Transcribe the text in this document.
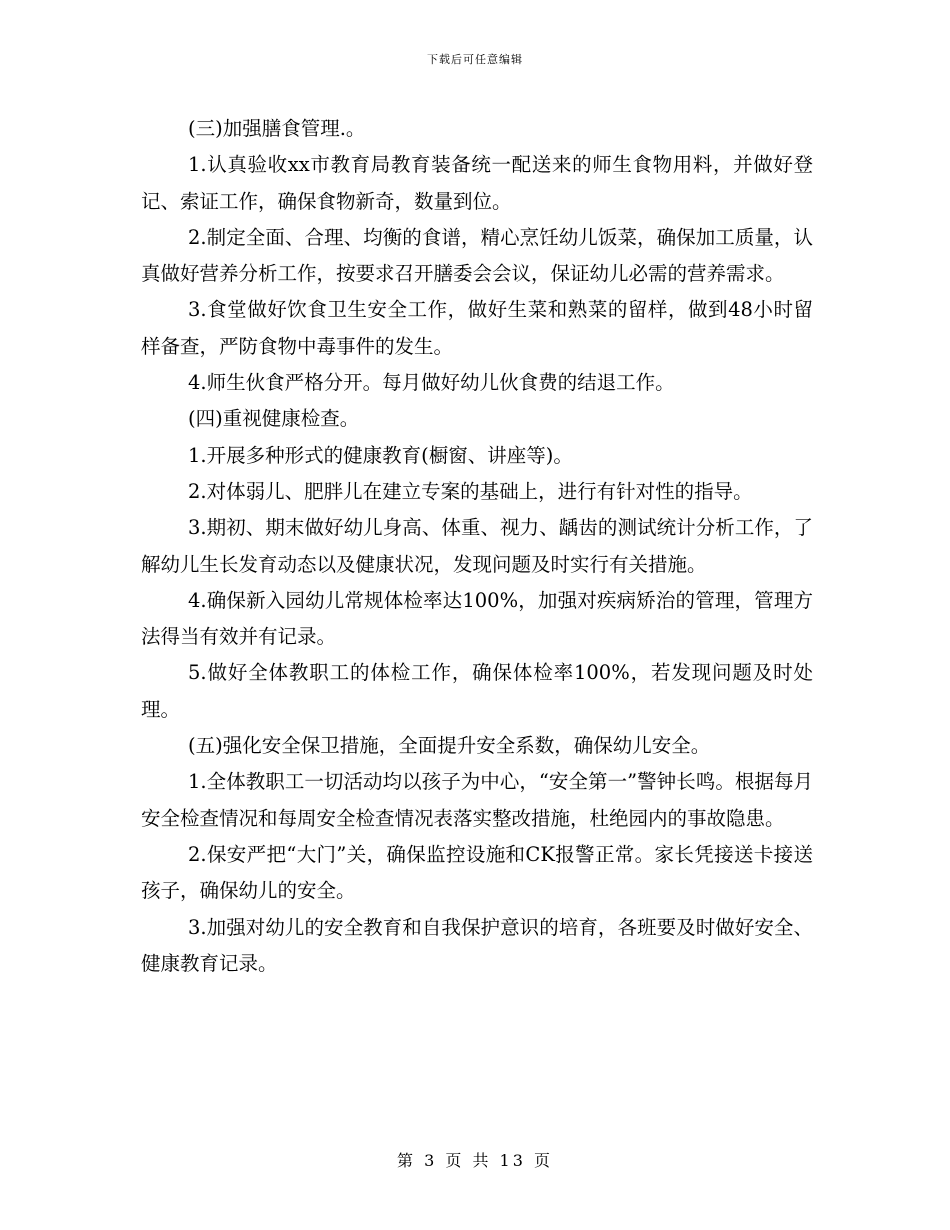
下载后可任意编辑

(三)加强膳食管理.。

1.认真验收xx市教育局教育装备统一配送来的师生食物用料，并做好登记、索证工作，确保食物新奇，数量到位。

2.制定全面、合理、均衡的食谱，精心烹饪幼儿饭菜，确保加工质量，认真做好营养分析工作，按要求召开膳委会会议，保证幼儿必需的营养需求。

3.食堂做好饮食卫生安全工作，做好生菜和熟菜的留样，做到48小时留样备查，严防食物中毒事件的发生。

4.师生伙食严格分开。每月做好幼儿伙食费的结退工作。

(四)重视健康检查。

1.开展多种形式的健康教育(橱窗、讲座等)。

2.对体弱儿、肥胖儿在建立专案的基础上，进行有针对性的指导。

3.期初、期末做好幼儿身高、体重、视力、龋齿的测试统计分析工作，了解幼儿生长发育动态以及健康状况，发现问题及时实行有关措施。

4.确保新入园幼儿常规体检率达100%，加强对疾病矫治的管理，管理方法得当有效并有记录。

5.做好全体教职工的体检工作，确保体检率100%，若发现问题及时处理。

(五)强化安全保卫措施，全面提升安全系数，确保幼儿安全。

1.全体教职工一切活动均以孩子为中心，“安全第一”警钟长鸣。根据每月安全检查情况和每周安全检查情况表落实整改措施，杜绝园内的事故隐患。

2.保安严把“大门”关，确保监控设施和CK报警正常。家长凭接送卡接送孩子，确保幼儿的安全。

3.加强对幼儿的安全教育和自我保护意识的培育，各班要及时做好安全、健康教育记录。

第 3 页 共 13 页
